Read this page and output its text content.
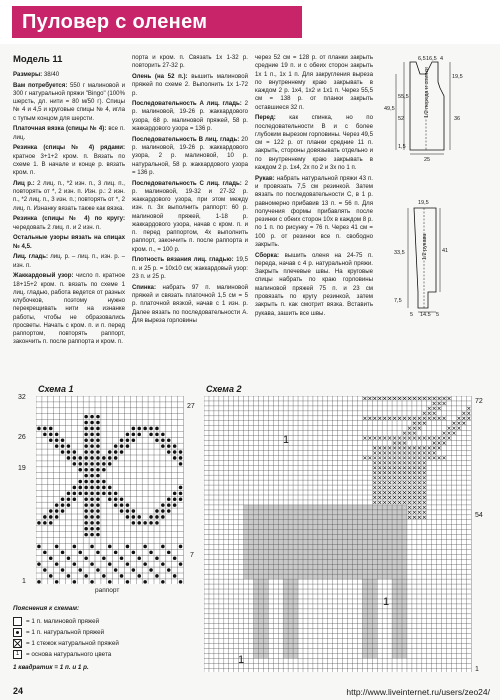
Пуловер с оленем
Модель 11

Размеры: 38/40

Вам потребуется: 550 г малиновой и 300 г натуральной пряжи "Bingo" (100% шерсть, дл. нити = 80 м/50 г). Спицы № 4 и 4,5 и круговые спицы № 4, игла с тупым концом для шерсти.

Платочная вязка (спицы № 4): все п. лиц.

Резинка (спицы № 4) рядами: кратное 3+1+2 кром. п. Вязать по схеме 1. В начале и конце р. вязать кром. п.

Лиц р.: 2 лиц. п., *2 изн. п., 3 лиц. п., повторять от *, 2 изн. п. Изн. р.: 2 изн. п., *2 лиц. п., 3 изн. п.; повторять от *, 2 лиц. п. Изнанку вязать также как вязка.

Резинка (спицы № 4) по кругу: чередовать 2 лиц. п. и 2 изн. п.

Остальные узоры вязать на спицах № 4,5.

Лиц. гладь: лиц. р. – лиц. п., изн. р. – изн. п.

Жаккардовый узор: число п. кратное 18+15+2 кром. п. вязать по схеме 1 лиц. гладью, работа ведется от разных клубочков, поэтому нужно перекрещивать нити на изнанке работы, чтобы не образовались просветы. Начать с кром. п. и п. перед раппортом, повторять раппорт, закончить п. после раппорта и кром. п.

порта и кром. п. Связать 1x 1-32 р. повторить 27-32 р.

Олень (на 52 п.): вышить малиновой пряжей по схеме 2. Выполнить 1x 1-72 р.

Последовательность А лиц. гладь: 2 р. малиновой, 19-26 р. жаккардового узора, 68 р. малиновой пряжей, 58 р. жаккардового узора = 136 р.

Последовательность В лиц. гладь: 20 р. малиновой, 19-26 р. жаккардового узора, 2 р. малиновой, 10 р. натуральной, 58 р. жаккардового узора = 136 р.

Последовательность С лиц. гладь: 2 р. малиновой, 19-32 и 27-32 р. жаккардового узора, при этом между изн. п. 3x выполнить раппорт: 60 р. малиновой пряжей, 1-18 р. жаккардового узора, начав с кром. п. и п. перед раппортом, 4x выполнить раппорт, закончить п. после раппорта и кром. п., = 100 р.

Плотность вязания лиц. гладью: 19,5 п. и 25 р. = 10x10 см; жаккардовый узор: 23 п. и 25 р.

Спинка: набрать 97 п. малиновой пряжей и связать платочной 1,5 см = 5 р. платочной вязкой, начав с 1 изн. р. Далее вязать по последовательности А. Для выреза горловины

через 52 см = 128 р. от планки закрыть средние 19 п. и с обеих сторон закрыть 1x 1 п., 1x 1 п. Для закругления выреза по внутреннему краю закрывать в каждом 2 р. 1x4, 1x2 и 1x1 п. Через 55,5 см = 138 р. от планки закрыть оставшиеся 32 п.

Перед: как спинка, но по последовательности В и с более глубоким вырезом горловины. Через 49,5 см = 122 р. от планки средние 11 п. закрыть, стороны довязывать отдельно и по внутреннему краю закрывать в каждом 2 р. 1x4, 2x по 2 и 3x по 1 п.

Рукав: набрать натуральной пряжи 43 п. и провязать 7,5 см резинкой. Затем вязать по последовательности С, в 1 р. равномерно прибавив 13 п. = 56 п. Для получения формы прибавлять после резинки с обеих сторон 10x в каждом 8 р. по 1 п. по рисунку = 76 п. Через 41 см = 100 р. от резинки все п. свободно закрыть.

Сборка: вышить оленя на 24-75 п. переда, начав с 4 р. натуральной пряжи. Закрыть плечевые швы. На круговые спицы набрать по краю горловины малиновой пряжей 75 п. и 23 см провязать по кругу резинкой, затем закрыть п. как смотрит вязка. Вставить рукава, зашить все швы.

1/2 переда и спинки
6,5 16,5 4
19,5
49,5
36
55,5
52
1,5
25
1/2 рукава
19,5
41
33,5
7,5
5 14,5 5
Схема 1
32
26
19
1
27
7
раппорт
Схема 2
72
54
1
1
1
1
Пояснения к схемам:
= 1 п. малиновой пряжей
= 1 п. натуральной пряжей
= 1 стежок натуральной пряжей
1	= основа натурального цвета
1 квадратик = 1 п. и 1 р.
24	http://www.liveinternet.ru/users/zeo24/
